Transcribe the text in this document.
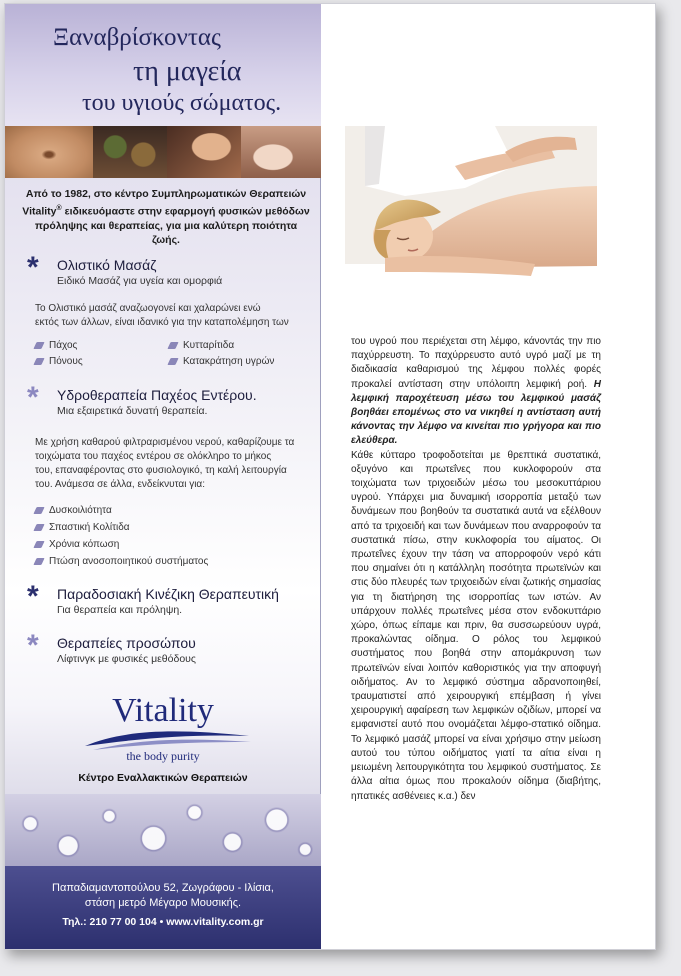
Ξαναβρίσκοντας
τη μαγεία
του υγιούς σώματος.
Από το 1982, στο κέντρο Συμπληρωματικών Θεραπειών
Vitality® ειδικευόμαστε στην εφαρμογή φυσικών μεθόδων
πρόληψης και θεραπείας, για μια καλύτερη ποιότητα ζωής.
* Ολιστικό Μασάζ
Ειδικό Μασάζ για υγεία και ομορφιά
Το Ολιστικό μασάζ αναζωογονεί και χαλαρώνει ενώ
εκτός των άλλων, είναι ιδανικό για την καταπολέμηση των
Πάχος	Κυτταρίτιδα
Πόνους	Κατακράτηση υγρών
* Υδροθεραπεία Παχέος Εντέρου.
Μια εξαιρετικά δυνατή θεραπεία.
Με χρήση καθαρού φιλτραρισμένου νερού, καθαρίζουμε τα
τοιχώματα του παχέος εντέρου σε ολόκληρο το μήκος
του, επαναφέροντας στο φυσιολογικό, τη καλή λειτουργία
του. Ανάμεσα σε άλλα, ενδείκνυται για:
Δυσκοιλιότητα
Σπαστική Κολίτιδα
Χρόνια κόπωση
Πτώση ανοσοποιητικού συστήματος
* Παραδοσιακή Κινέζικη Θεραπευτική
Για θεραπεία και πρόληψη.
* Θεραπείες προσώπου
Λίφτινγκ με φυσικές μεθόδους
Vitality
the body purity
Κέντρο Εναλλακτικών Θεραπειών
Παπαδιαμαντοπούλου 52, Ζωγράφου - Ιλίσια,
στάση μετρό Μέγαρο Μουσικής.
Τηλ.: 210 77 00 104 • www.vitality.com.gr

του υγρού που περιέχεται στη λέμφο, κάνοντάς την πιο παχύρρευστη. Το παχύρρευστο αυτό υγρό μαζί με τη διαδικασία καθαρισμού της λέμφου πολλές φορές προκαλεί αντίσταση στην υπόλοιπη λεμφική ροή. Η λεμφική παροχέτευση μέσω του λεμφικού μασάζ βοηθάει επομένως στο να νικηθεί η αντίσταση αυτή κάνοντας την λέμφο να κινείται πιο γρήγορα και πιο ελεύθερα.

Κάθε κύτταρο τροφοδοτείται με θρεπτικά συστατικά, οξυγόνο και πρωτεΐνες που κυκλοφορούν στα τοιχώματα των τριχοειδών μέσω του μεσοκυττάριου υγρού. Υπάρχει μια δυναμική ισορροπία μεταξύ των δυνάμεων που βοηθούν τα συστατικά αυτά να εξέλθουν από τα τριχοειδή και των δυνάμεων που αναρροφούν τα συστατικά πίσω, στην κυκλοφορία του αίματος. Οι πρωτεΐνες έχουν την τάση να απορροφούν νερό κάτι που σημαίνει ότι η κατάλληλη ποσότητα πρωτεϊνών και στις δύο πλευρές των τριχοειδών είναι ζωτικής σημασίας για τη διατήρηση της ισορροπίας των ιστών. Αν υπάρχουν πολλές πρωτεΐνες μέσα στον ενδοκυττάριο χώρο, όπως είπαμε και πριν, θα συσσωρεύουν υγρά, προκαλώντας οίδημα. Ο ρόλος του λεμφικού συστήματος που βοηθά στην απομάκρυνση των πρωτεϊνών είναι λοιπόν καθοριστικός για την αποφυγή οιδήματος. Αν το λεμφικό σύστημα αδρανοποιηθεί, τραυματιστεί από χειρουργική επέμβαση ή γίνει χειρουργική αφαίρεση των λεμφικών οζιδίων, μπορεί να εμφανιστεί αυτό που ονομάζεται λέμφο-στατικό οίδημα. Το λεμφικό μασάζ μπορεί να είναι χρήσιμο στην μείωση αυτού του τύπου οιδήματος γιατί τα αίτια είναι η μειωμένη λειτουργικότητα του λεμφικού συστήματος. Σε άλλα αίτια όμως που προκαλούν οίδημα (διαβήτης, ηπατικές ασθένειες κ.α.) δεν
